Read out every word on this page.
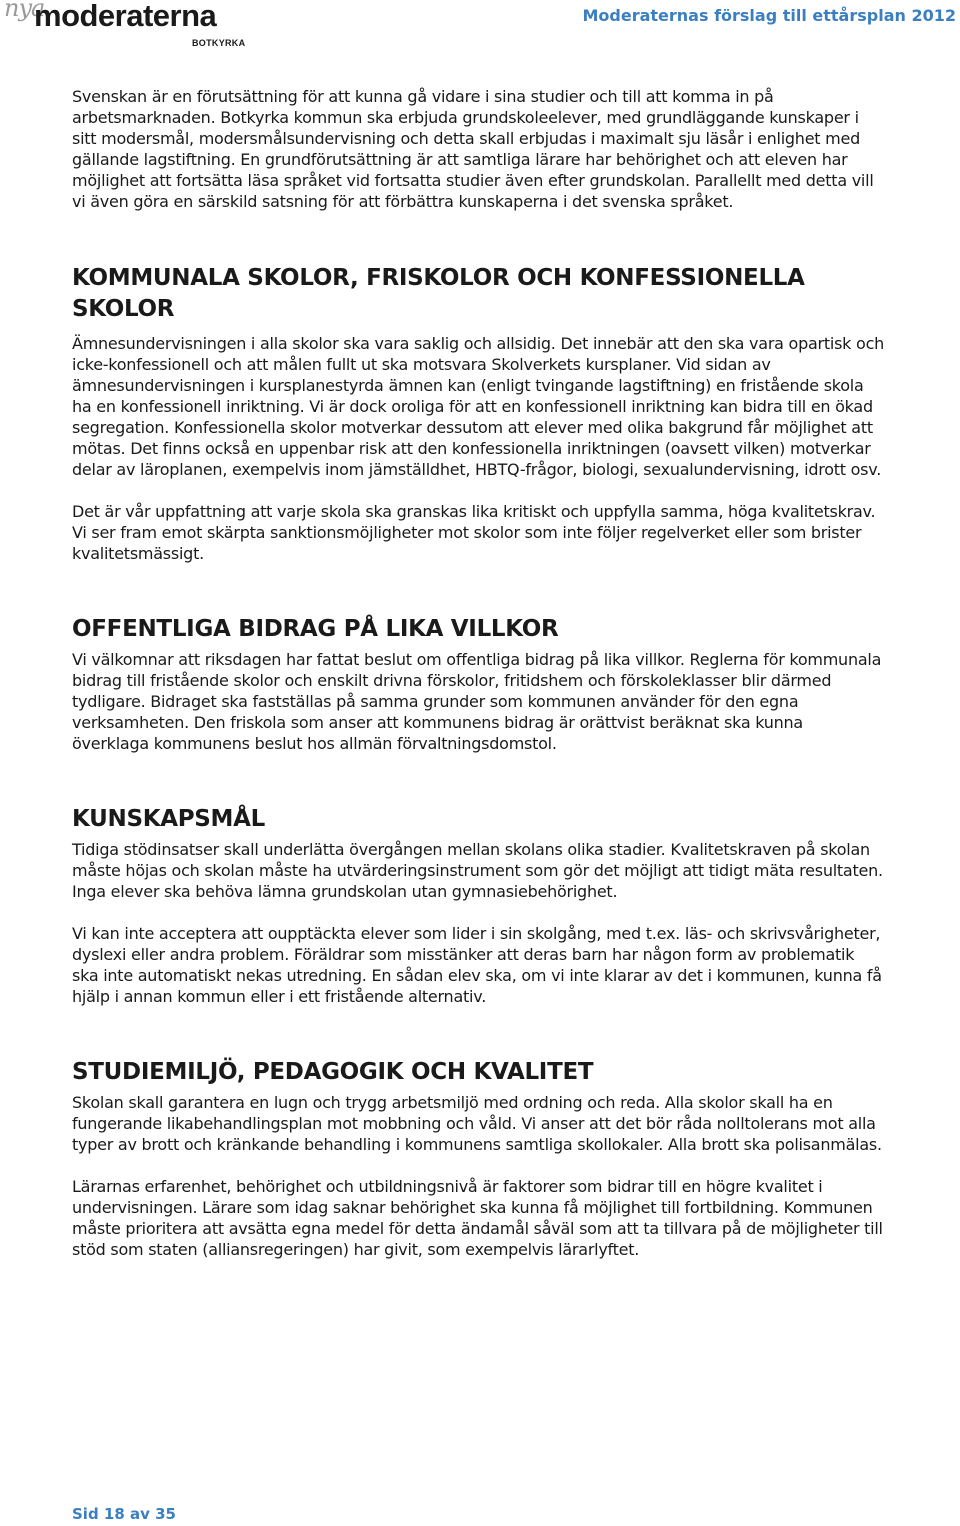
nya
moderaterna
BOTKYRKA
Moderaternas förslag till ettårsplan 2012

Svenskan är en förutsättning för att kunna gå vidare i sina studier och till att komma in på arbetsmarknaden. Botkyrka kommun ska erbjuda grundskoleelever, med grundläggande kunskaper i sitt modersmål, modersmålsundervisning och detta skall erbjudas i maximalt sju läsår i enlighet med gällande lagstiftning. En grundförutsättning är att samtliga lärare har behörighet och att eleven har möjlighet att fortsätta läsa språket vid fortsatta studier även efter grundskolan. Parallellt med detta vill vi även göra en särskild satsning för att förbättra kunskaperna i det svenska språket.

KOMMUNALA SKOLOR, FRISKOLOR OCH KONFESSIONELLA SKOLOR

Ämnesundervisningen i alla skolor ska vara saklig och allsidig. Det innebär att den ska vara opartisk och icke-konfessionell och att målen fullt ut ska motsvara Skolverkets kursplaner. Vid sidan av ämnesundervisningen i kursplanestyrda ämnen kan (enligt tvingande lagstiftning) en fristående skola ha en konfessionell inriktning. Vi är dock oroliga för att en konfessionell inriktning kan bidra till en ökad segregation. Konfessionella skolor motverkar dessutom att elever med olika bakgrund får möjlighet att mötas. Det finns också en uppenbar risk att den konfessionella inriktningen (oavsett vilken) motverkar delar av läroplanen, exempelvis inom jämställdhet, HBTQ-frågor, biologi, sexualundervisning, idrott osv.

Det är vår uppfattning att varje skola ska granskas lika kritiskt och uppfylla samma, höga kvalitetskrav. Vi ser fram emot skärpta sanktionsmöjligheter mot skolor som inte följer regelverket eller som brister kvalitetsmässigt.

OFFENTLIGA BIDRAG PÅ LIKA VILLKOR

Vi välkomnar att riksdagen har fattat beslut om offentliga bidrag på lika villkor. Reglerna för kommunala bidrag till fristående skolor och enskilt drivna förskolor, fritidshem och förskoleklasser blir därmed tydligare. Bidraget ska fastställas på samma grunder som kommunen använder för den egna verksamheten. Den friskola som anser att kommunens bidrag är orättvist beräknat ska kunna överklaga kommunens beslut hos allmän förvaltningsdomstol.

KUNSKAPSMÅL

Tidiga stödinsatser skall underlätta övergången mellan skolans olika stadier. Kvalitetskraven på skolan måste höjas och skolan måste ha utvärderingsinstrument som gör det möjligt att tidigt mäta resultaten. Inga elever ska behöva lämna grundskolan utan gymnasiebehörighet.

Vi kan inte acceptera att oupptäckta elever som lider i sin skolgång, med t.ex. läs- och skrivsvårigheter, dyslexi eller andra problem. Föräldrar som misstänker att deras barn har någon form av problematik ska inte automatiskt nekas utredning. En sådan elev ska, om vi inte klarar av det i kommunen, kunna få hjälp i annan kommun eller i ett fristående alternativ.

STUDIEMILJÖ, PEDAGOGIK OCH KVALITET

Skolan skall garantera en lugn och trygg arbetsmiljö med ordning och reda. Alla skolor skall ha en fungerande likabehandlingsplan mot mobbning och våld. Vi anser att det bör råda nolltolerans mot alla typer av brott och kränkande behandling i kommunens samtliga skollokaler. Alla brott ska polisanmälas.

Lärarnas erfarenhet, behörighet och utbildningsnivå är faktorer som bidrar till en högre kvalitet i undervisningen. Lärare som idag saknar behörighet ska kunna få möjlighet till fortbildning. Kommunen måste prioritera att avsätta egna medel för detta ändamål såväl som att ta tillvara på de möjligheter till stöd som staten (alliansregeringen) har givit, som exempelvis lärarlyftet.

Sid 18 av 35
